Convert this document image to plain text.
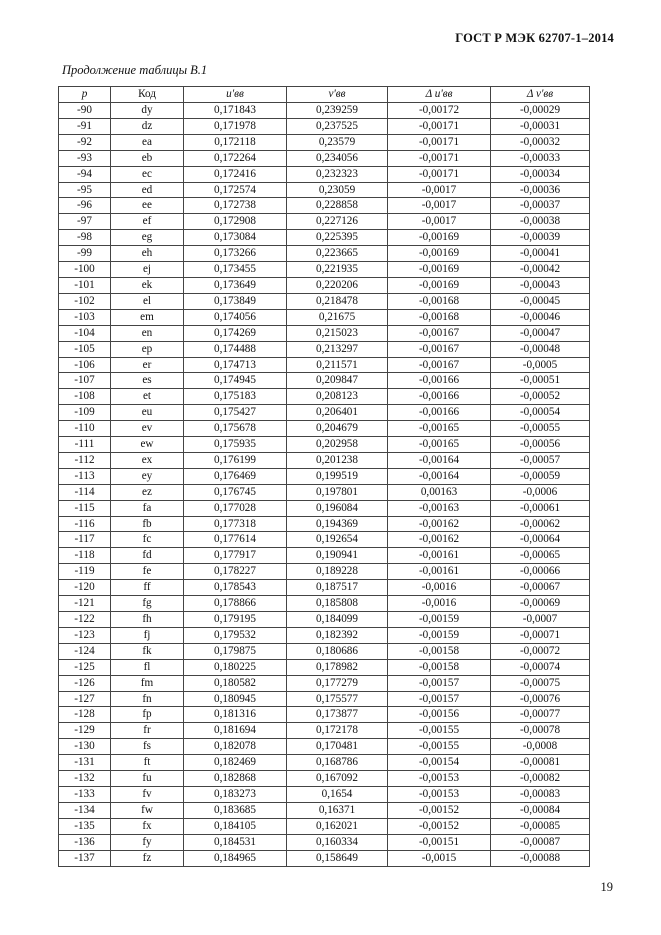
ГОСТ Р МЭК 62707-1–2014
Продолжение таблицы В.1
p	Код	u'вв	v'вв	Δ u'вв	Δ v'вв
-90	dy	0,171843	0,239259	-0,00172	-0,00029
-91	dz	0,171978	0,237525	-0,00171	-0,00031
-92	ea	0,172118	0,23579	-0,00171	-0,00032
-93	eb	0,172264	0,234056	-0,00171	-0,00033
-94	ec	0,172416	0,232323	-0,00171	-0,00034
-95	ed	0,172574	0,23059	-0,0017	-0,00036
-96	ee	0,172738	0,228858	-0,0017	-0,00037
-97	ef	0,172908	0,227126	-0,0017	-0,00038
-98	eg	0,173084	0,225395	-0,00169	-0,00039
-99	eh	0,173266	0,223665	-0,00169	-0,00041
-100	ej	0,173455	0,221935	-0,00169	-0,00042
-101	ek	0,173649	0,220206	-0,00169	-0,00043
-102	el	0,173849	0,218478	-0,00168	-0,00045
-103	em	0,174056	0,21675	-0,00168	-0,00046
-104	en	0,174269	0,215023	-0,00167	-0,00047
-105	ep	0,174488	0,213297	-0,00167	-0,00048
-106	er	0,174713	0,211571	-0,00167	-0,0005
-107	es	0,174945	0,209847	-0,00166	-0,00051
-108	et	0,175183	0,208123	-0,00166	-0,00052
-109	eu	0,175427	0,206401	-0,00166	-0,00054
-110	ev	0,175678	0,204679	-0,00165	-0,00055
-111	ew	0,175935	0,202958	-0,00165	-0,00056
-112	ex	0,176199	0,201238	-0,00164	-0,00057
-113	ey	0,176469	0,199519	-0,00164	-0,00059
-114	ez	0,176745	0,197801	0,00163	-0,0006
-115	fa	0,177028	0,196084	-0,00163	-0,00061
-116	fb	0,177318	0,194369	-0,00162	-0,00062
-117	fc	0,177614	0,192654	-0,00162	-0,00064
-118	fd	0,177917	0,190941	-0,00161	-0,00065
-119	fe	0,178227	0,189228	-0,00161	-0,00066
-120	ff	0,178543	0,187517	-0,0016	-0,00067
-121	fg	0,178866	0,185808	-0,0016	-0,00069
-122	fh	0,179195	0,184099	-0,00159	-0,0007
-123	fj	0,179532	0,182392	-0,00159	-0,00071
-124	fk	0,179875	0,180686	-0,00158	-0,00072
-125	fl	0,180225	0,178982	-0,00158	-0,00074
-126	fm	0,180582	0,177279	-0,00157	-0,00075
-127	fn	0,180945	0,175577	-0,00157	-0,00076
-128	fp	0,181316	0,173877	-0,00156	-0,00077
-129	fr	0,181694	0,172178	-0,00155	-0,00078
-130	fs	0,182078	0,170481	-0,00155	-0,0008
-131	ft	0,182469	0,168786	-0,00154	-0,00081
-132	fu	0,182868	0,167092	-0,00153	-0,00082
-133	fv	0,183273	0,1654	-0,00153	-0,00083
-134	fw	0,183685	0,16371	-0,00152	-0,00084
-135	fx	0,184105	0,162021	-0,00152	-0,00085
-136	fy	0,184531	0,160334	-0,00151	-0,00087
-137	fz	0,184965	0,158649	-0,0015	-0,00088
19
